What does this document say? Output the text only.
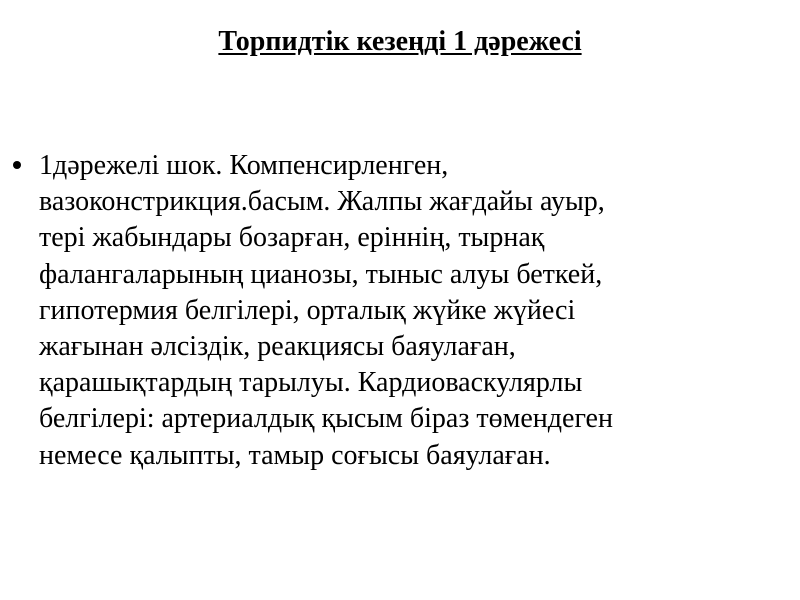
Торпидтік кезеңді 1 дәрежесі
1дәрежелі шок. Компенсирленген,
вазоконстрикция.басым. Жалпы жағдайы ауыр,
тері жабындары бозарған, еріннің, тырнақ
фалангаларының цианозы, тыныс алуы беткей,
гипотермия белгілері, орталық жүйке жүйесі
жағынан әлсіздік, реакциясы баяулаған,
қарашықтардың тарылуы. Кардиоваскулярлы
белгілері: артериалдық қысым біраз төмендеген
немесе қалыпты, тамыр соғысы баяулаған.
